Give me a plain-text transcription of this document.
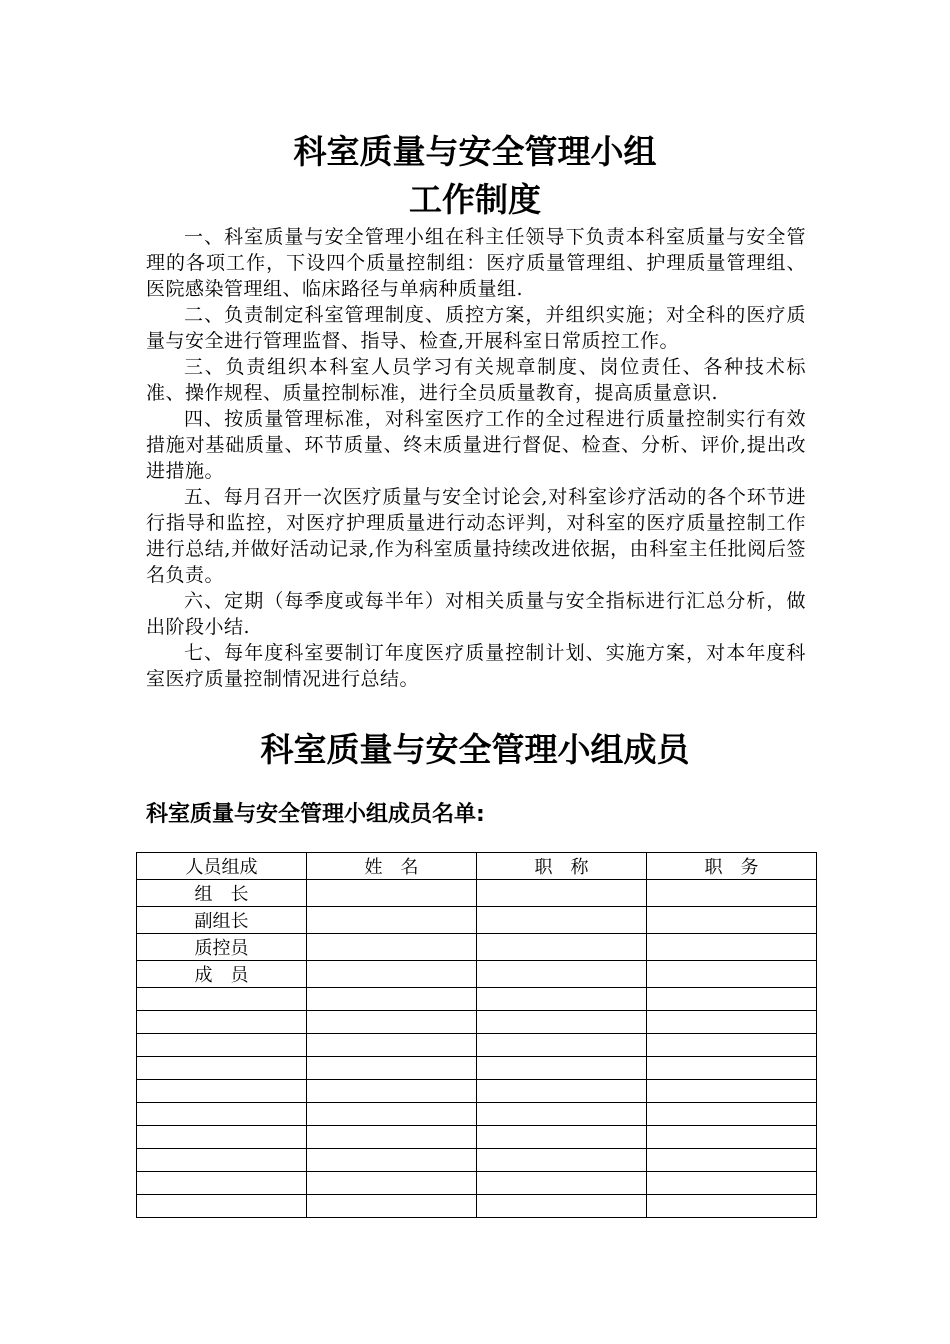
科室质量与安全管理小组
工作制度

一、科室质量与安全管理小组在科主任领导下负责本科室质量与安全管理的各项工作，下设四个质量控制组：医疗质量管理组、护理质量管理组、医院感染管理组、临床路径与单病种质量组.

二、负责制定科室管理制度、质控方案，并组织实施；对全科的医疗质量与安全进行管理监督、指导、检查,开展科室日常质控工作。

三、负责组织本科室人员学习有关规章制度、岗位责任、各种技术标准、操作规程、质量控制标准，进行全员质量教育，提高质量意识.

四、按质量管理标准，对科室医疗工作的全过程进行质量控制实行有效措施对基础质量、环节质量、终末质量进行督促、检查、分析、评价,提出改进措施。

五、每月召开一次医疗质量与安全讨论会,对科室诊疗活动的各个环节进行指导和监控，对医疗护理质量进行动态评判，对科室的医疗质量控制工作进行总结,并做好活动记录,作为科室质量持续改进依据，由科室主任批阅后签名负责。

六、定期（每季度或每半年）对相关质量与安全指标进行汇总分析，做出阶段小结.

七、每年度科室要制订年度医疗质量控制计划、实施方案，对本年度科室医疗质量控制情况进行总结。

科室质量与安全管理小组成员
科室质量与安全管理小组成员名单:
人员组成	姓　名	职　称	职　务
组　长			
副组长			
质控员			
成　员			
